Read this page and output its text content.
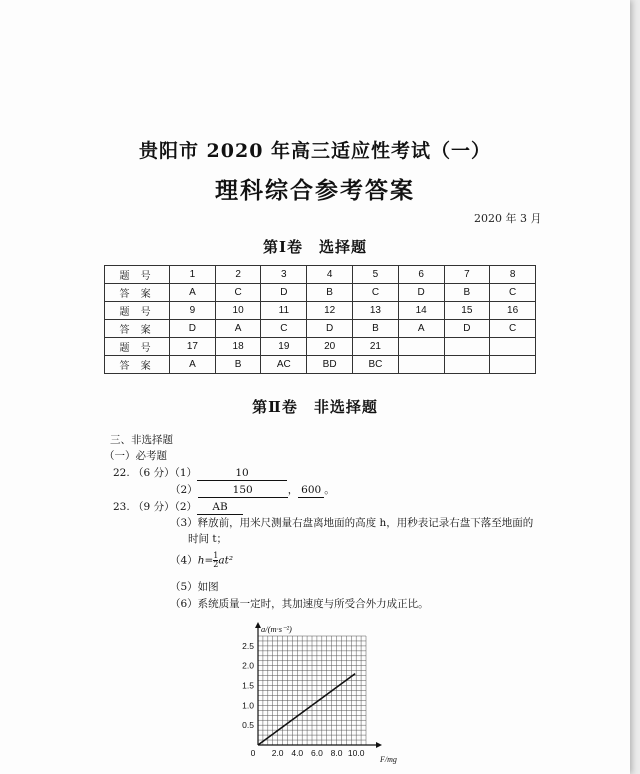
贵阳市 2020 年高三适应性考试（一）
理科综合参考答案
2020 年 3 月
第Ⅰ卷　选择题
题 号	1	2	3	4	5	6	7	8
答 案	A	C	D	B	C	D	B	C
题 号	9	10	11	12	13	14	15	16
答 案	D	A	C	D	B	A	D	C
题 号	17	18	19	20	21			
答 案	A	B	AC	BD	BC			
第Ⅱ卷　非选择题
三、非选择题
（一）必考题
22. （6 分）（1）	10
（2）	150	， 600 。
23. （9 分）（2） AB
（3）释放前，用米尺测量右盘离地面的高度 h，用秒表记录右盘下落至地面的
时间 t；
$(4)h= \frac{1}{2} at^2$
（5）如图
（6）系统质量一定时，其加速度与所受合外力成正比。
0 2.0 4.0 6.0 8.0 10.0
0.5
1.0
1.5
2.0
2.5
a/(m·s⁻²)
F/mg
